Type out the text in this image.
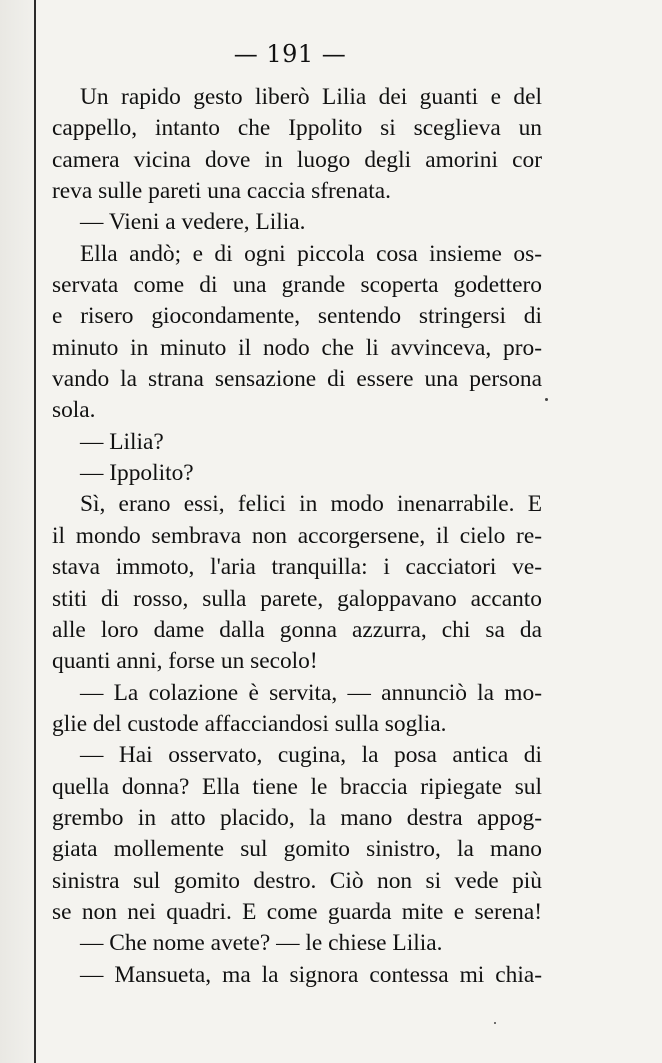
— 191 —
Un rapido gesto liberò Lilia dei guanti e del
cappello, intanto che Ippolito si sceglieva un
camera vicina dove in luogo degli amorini cor
reva sulle pareti una caccia sfrenata.
— Vieni a vedere, Lilia.
Ella andò; e di ogni piccola cosa insieme os-
servata come di una grande scoperta godettero
e risero giocondamente, sentendo stringersi di
minuto in minuto il nodo che li avvinceva, pro-
vando la strana sensazione di essere una persona
sola.
— Lilia?
— Ippolito?
Sì, erano essi, felici in modo inenarrabile. E
il mondo sembrava non accorgersene, il cielo re-
stava immoto, l'aria tranquilla: i cacciatori ve-
stiti di rosso, sulla parete, galoppavano accanto
alle loro dame dalla gonna azzurra, chi sa da
quanti anni, forse un secolo!
— La colazione è servita, — annunciò la mo-
glie del custode affacciandosi sulla soglia.
— Hai osservato, cugina, la posa antica di
quella donna? Ella tiene le braccia ripiegate sul
grembo in atto placido, la mano destra appog-
giata mollemente sul gomito sinistro, la mano
sinistra sul gomito destro. Ciò non si vede più
se non nei quadri. E come guarda mite e serena!
— Che nome avete? — le chiese Lilia.
— Mansueta, ma la signora contessa mi chia-
